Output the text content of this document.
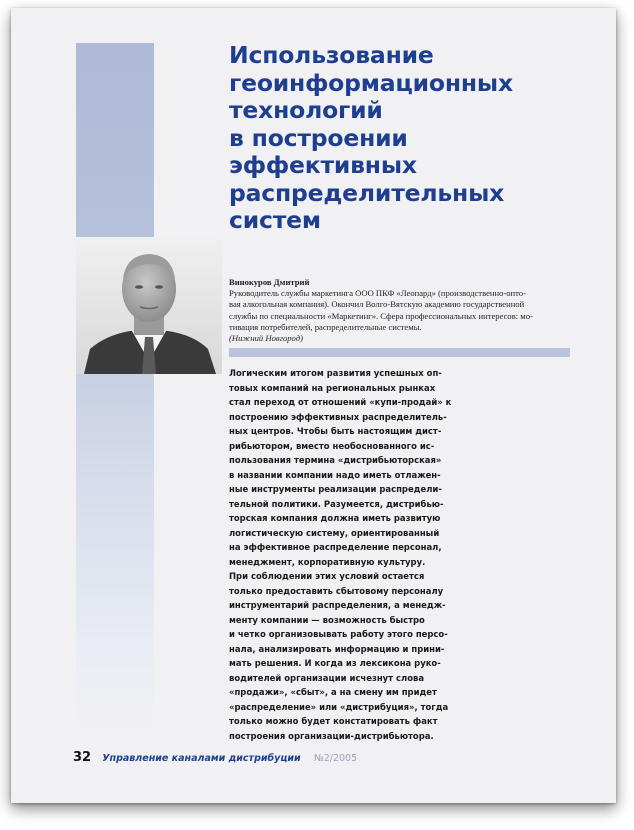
Использование
геоинформационных
технологий
в построении
эффективных
распределительных
систем
Винокуров Дмитрий
Руководитель службы маркетинга ООО ПКФ «Леопард» (производственно-опто-
вая алкогольная компания). Окончил Волго-Вятскую академию государственной
службы по специальности «Маркетинг». Сфера профессиональных интересов: мо-
тивация потребителей, распределительные системы.
(Нижний Новгород)
Логическим итогом развития успешных оп-
товых компаний на региональных рынках
стал переход от отношений «купи-продай» к
построению эффективных распределитель-
ных центров. Чтобы быть настоящим дист-
рибьютором, вместо необоснованного ис-
пользования термина «дистрибьюторская»
в названии компании надо иметь отлажен-
ные инструменты реализации распредели-
тельной политики. Разумеется, дистрибью-
торская компания должна иметь развитую
логистическую систему, ориентированный
на эффективное распределение персонал,
менеджмент, корпоративную культуру.
При соблюдении этих условий остается
только предоставить сбытовому персоналу
инструментарий распределения, а менедж-
менту компании — возможность быстро
и четко организовывать работу этого персо-
нала, анализировать информацию и прини-
мать решения. И когда из лексикона руко-
водителей организации исчезнут слова
«продажи», «сбыт», а на смену им придет
«распределение» или «дистрибуция», тогда
только можно будет констатировать факт
построения организации-дистрибьютора.
32 Управление каналами дистрибуции №2/2005
